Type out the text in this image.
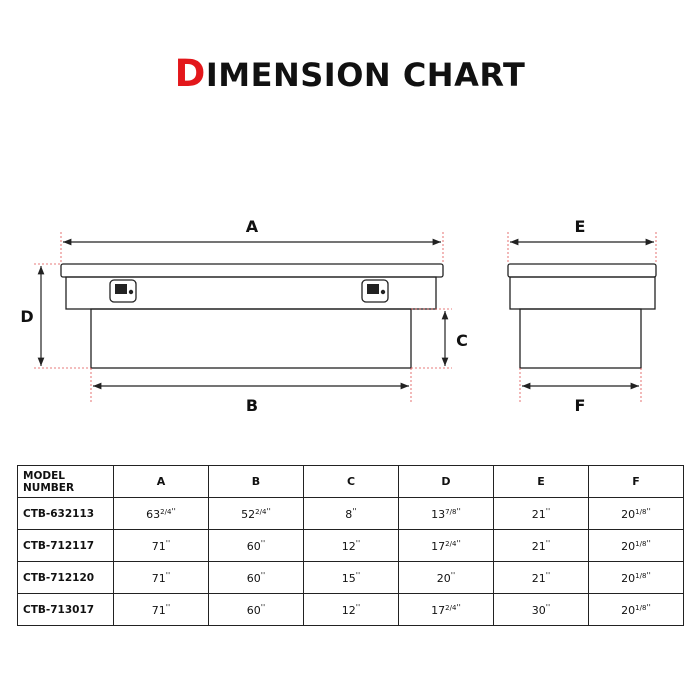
DIMENSION CHART
A
B
D
C
E
F
MODEL NUMBER	A	B	C	D	E	F
CTB-632113	$63^{2/4''}$	$52^{2/4''}$	8''	$13^{7/8''}$	21''	$20^{1/8''}$
CTB-712117	71''	60''	12''	$17^{2/4''}$	21''	$20^{1/8''}$
CTB-712120	71''	60''	15''	20''	21''	$20^{1/8''}$
CTB-713017	71''	60''	12''	$17^{2/4''}$	30''	$20^{1/8''}$
